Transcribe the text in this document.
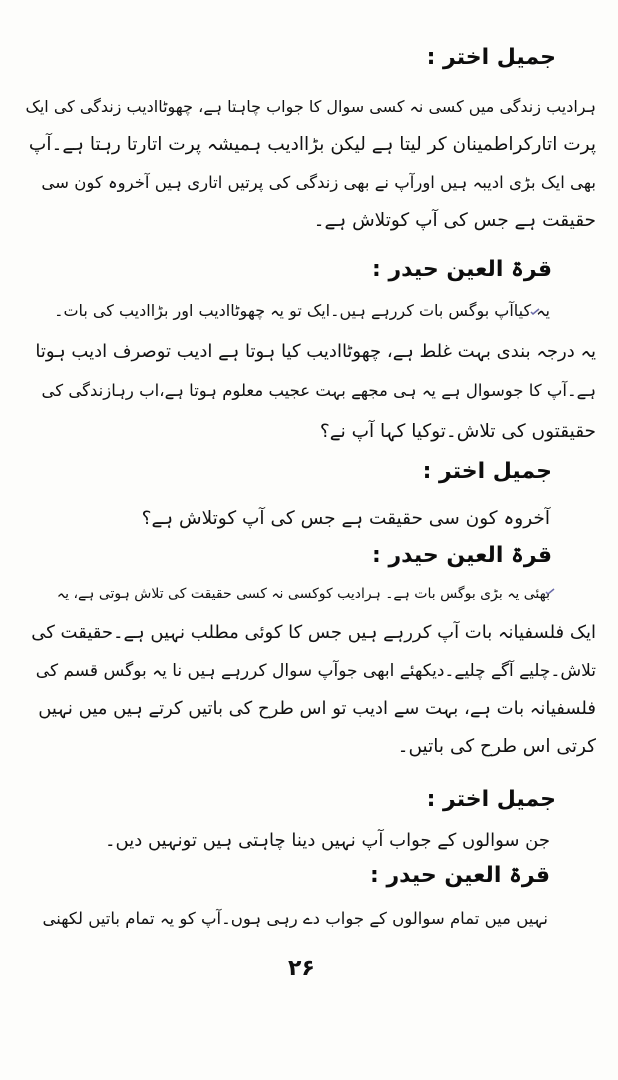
جمیل اختر :
ہرادیب زندگی میں کسی نہ کسی سوال کا جواب چاہتا ہے، چھوٹاادیب زندگی کی ایک
پرت اتارکراطمینان کر لیتا ہے لیکن بڑاادیب ہمیشہ پرت اتارتا رہتا ہے۔آپ
بھی ایک بڑی ادیبہ ہیں اورآپ نے بھی زندگی کی پرتیں اتاری ہیں آخروہ کون سی
حقیقت ہے جس کی آپ کوتلاش ہے۔
قرۃ العین حیدر :
یہ کیاآپ بوگس بات کررہے ہیں۔ایک تو یہ چھوٹاادیب اور بڑاادیب کی بات۔
یہ درجہ بندی بہت غلط ہے، چھوٹاادیب کیا ہوتا ہے ادیب توصرف ادیب ہوتا
ہے۔آپ کا جوسوال ہے یہ ہی مجھے بہت عجیب معلوم ہوتا ہے،اب رہازندگی کی
حقیقتوں کی تلاش۔توکیا کہا آپ نے؟
جمیل اختر :
آخروہ کون سی حقیقت ہے جس کی آپ کوتلاش ہے؟
قرۃ العین حیدر :
بھئی یہ بڑی بوگس بات ہے۔ ہرادیب کوکسی نہ کسی حقیقت کی تلاش ہوتی ہے، یہ
ایک فلسفیانہ بات آپ کررہے ہیں جس کا کوئی مطلب نہیں ہے۔حقیقت کی
تلاش۔چلیے آگے چلیے۔دیکھئے ابھی جوآپ سوال کررہے ہیں نا یہ بوگس قسم کی
فلسفیانہ بات ہے، بہت سے ادیب تو اس طرح کی باتیں کرتے ہیں میں نہیں
کرتی اس طرح کی باتیں۔
جمیل اختر :
جن سوالوں کے جواب آپ نہیں دینا چاہتی ہیں تونہیں دیں۔
قرۃ العین حیدر :
نہیں میں تمام سوالوں کے جواب دے رہی ہوں۔آپ کو یہ تمام باتیں لکھنی
۲۶
